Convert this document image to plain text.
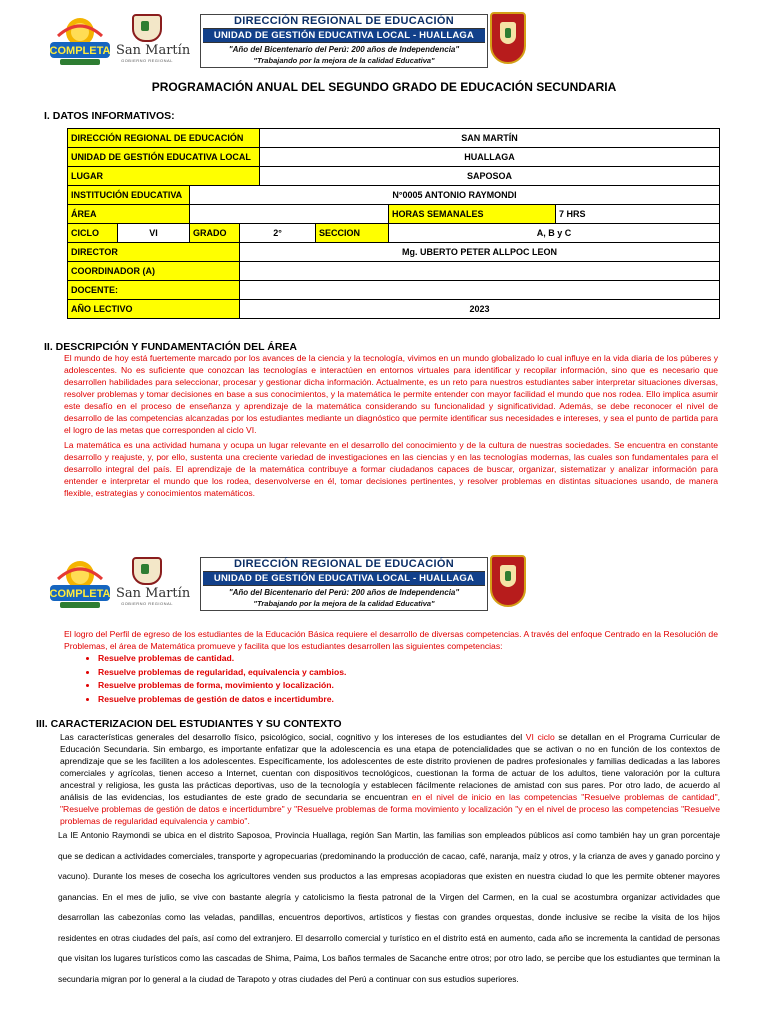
COMPLETA San Martín
GOBIERNO REGIONAL
DIRECCIÓN REGIONAL DE EDUCACIÓN
UNIDAD DE GESTIÓN EDUCATIVA LOCAL - HUALLAGA
"Año del Bicentenario del Perú: 200 años de Independencia"
"Trabajando por la mejora de la calidad Educativa"
PROGRAMACIÓN ANUAL DEL SEGUNDO GRADO DE EDUCACIÓN SECUNDARIA
I. DATOS INFORMATIVOS:
DIRECCIÓN REGIONAL DE EDUCACIÓN				SAN MARTÍN			
UNIDAD DE GESTIÓN EDUCATIVA LOCAL				HUALLAGA			
LUGAR				SAPOSOA			
INSTITUCIÓN EDUCATIVA		N°0005 ANTONIO RAYMONDI					
ÁREA						HORAS SEMANALES	7 HRS
CICLO	VI	GRADO	2°		SECCION	A, B y C	
DIRECTOR			Mg. UBERTO PETER ALLPOC LEON				
COORDINADOR (A)							
DOCENTE:							
AÑO LECTIVO			2023				
II. DESCRIPCIÓN Y FUNDAMENTACIÓN DEL ÁREA
El mundo de hoy está fuertemente marcado por los avances de la ciencia y la tecnología, vivimos en un mundo globalizado lo cual influye en la vida diaria de los púberes y adolescentes. No es suficiente que conozcan las tecnologías e interactúen en entornos virtuales para identificar y recopilar información, sino que es necesario que desarrollen habilidades para seleccionar, procesar y gestionar dicha información. Actualmente, es un reto para nuestros estudiantes saber interpretar situaciones diversas, resolver problemas y tomar decisiones en base a sus conocimientos, y la matemática le permite entender con mayor facilidad el mundo que nos rodea. Ello implica asumir este desafío en el proceso de enseñanza y aprendizaje de la matemática considerando su funcionalidad y significatividad. Además, se debe reconocer el nivel de desarrollo de las competencias alcanzadas por los estudiantes mediante un diagnóstico que permite identificar sus necesidades e intereses, y sea el punto de partida para el logro de las metas que corresponden al ciclo VI.
La matemática es una actividad humana y ocupa un lugar relevante en el desarrollo del conocimiento y de la cultura de nuestras sociedades. Se encuentra en constante desarrollo y reajuste, y, por ello, sustenta una creciente variedad de investigaciones en las ciencias y en las tecnologías modernas, las cuales son fundamentales para el desarrollo integral del país. El aprendizaje de la matemática contribuye a formar ciudadanos capaces de buscar, organizar, sistematizar y analizar información para entender e interpretar el mundo que los rodea, desenvolverse en él, tomar decisiones pertinentes, y resolver problemas en distintas situaciones usando, de manera flexible, estrategias y conocimientos matemáticos.
COMPLETA San Martín
GOBIERNO REGIONAL
DIRECCIÓN REGIONAL DE EDUCACIÓN
UNIDAD DE GESTIÓN EDUCATIVA LOCAL - HUALLAGA
"Año del Bicentenario del Perú: 200 años de Independencia"
"Trabajando por la mejora de la calidad Educativa"
El logro del Perfil de egreso de los estudiantes de la Educación Básica requiere el desarrollo de diversas competencias. A través del enfoque Centrado en la Resolución de Problemas, el área de Matemática promueve y facilita que los estudiantes desarrollen las siguientes competencias:
• Resuelve problemas de cantidad.
• Resuelve problemas de regularidad, equivalencia y cambios.
• Resuelve problemas de forma, movimiento y localización.
• Resuelve problemas de gestión de datos e incertidumbre.
III. CARACTERIZACION DEL ESTUDIANTES Y SU CONTEXTO
Las características generales del desarrollo físico, psicológico, social, cognitivo y los intereses de los estudiantes del VI ciclo se detallan en el Programa Curricular de Educación Secundaria. Sin embargo, es importante enfatizar que la adolescencia es una etapa de potencialidades que se activan o no en función de los contextos de aprendizaje que se les faciliten a los adolescentes. Específicamente, los adolescentes de este distrito provienen de padres profesionales y familias dedicadas a las labores comerciales y agrícolas, tienen acceso a Internet, cuentan con dispositivos tecnológicos, cuestionan la forma de actuar de los adultos, tiene valoración por la cultura ancestral y religiosa, les gusta las prácticas deportivas, uso de la tecnología y establecen fácilmente relaciones de amistad con sus pares. Por otro lado, de acuerdo al análisis de las evidencias, los estudiantes de este grado de secundaria se encuentran en el nivel de inicio en las competencias "Resuelve problemas de cantidad", "Resuelve problemas de gestión de datos e incertidumbre" y "Resuelve problemas de forma movimiento y localización "y en el nivel de proceso las competencias "Resuelve problemas de regularidad equivalencia y cambio".
La IE Antonio Raymondi se ubica en el distrito Saposoa, Provincia Huallaga, región San Martin, las familias son empleados públicos así como también hay un gran porcentaje que se dedican a actividades comerciales, transporte y agropecuarias (predominando la producción de cacao, café, naranja, maíz y otros, y la crianza de aves y ganado porcino y vacuno). Durante los meses de cosecha los agricultores venden sus productos a las empresas acopiadoras que existen en nuestra ciudad lo que les permite obtener mayores ganancias. En el mes de julio, se vive con bastante alegría y catolicismo la fiesta patronal de la Virgen del Carmen, en la cual se acostumbra organizar actividades que desarrollan las cabezonías como las veladas, pandillas, encuentros deportivos, artísticos y fiestas con grandes orquestas, donde inclusive se recibe la visita de los hijos residentes en otras ciudades del país, así como del extranjero. El desarrollo comercial y turístico en el distrito está en aumento, cada año se incrementa la cantidad de personas que visitan los lugares turísticos como las cascadas de Shima, Paima, Los baños termales de Sacanche entre otros; por otro lado, se percibe que los estudiantes que terminan la secundaria migran por lo general a la ciudad de Tarapoto y otras ciudades del Perú a continuar con sus estudios superiores.
